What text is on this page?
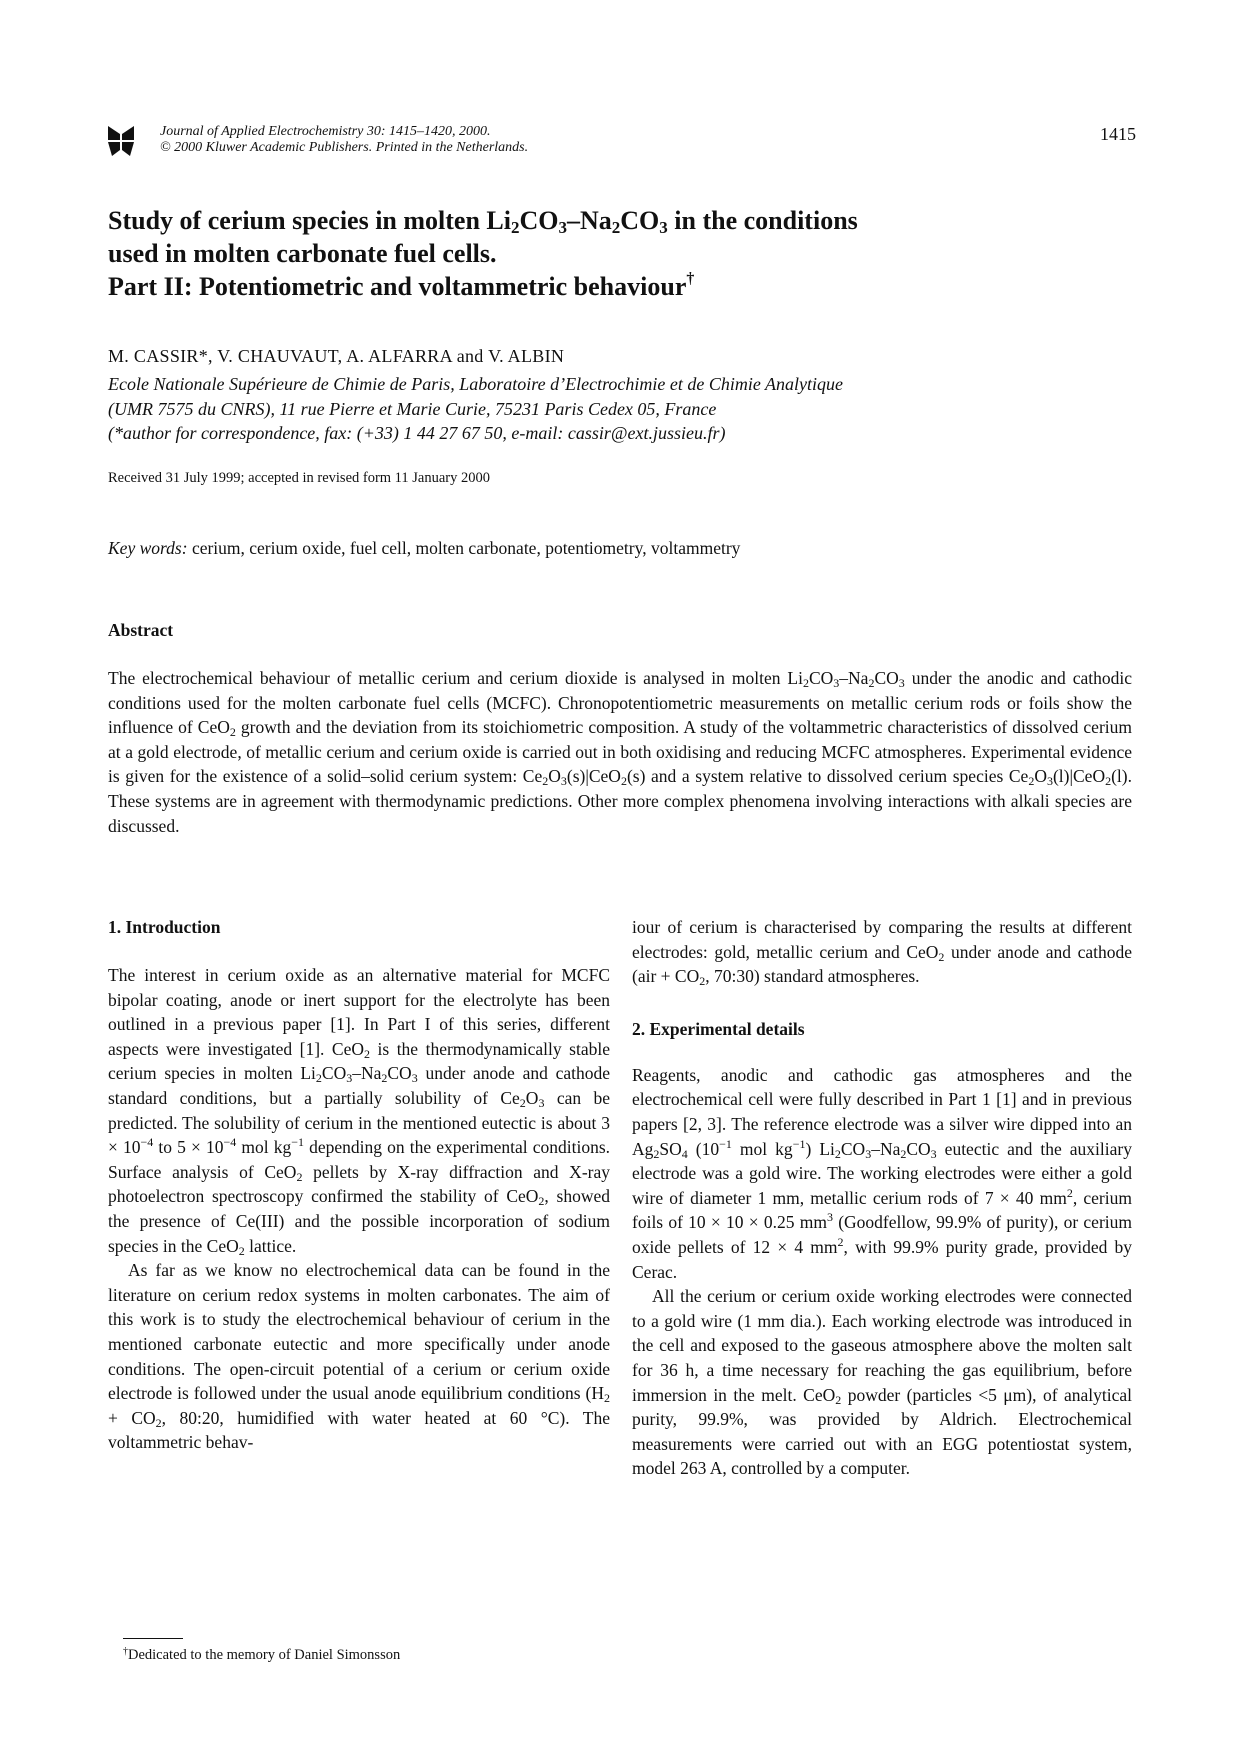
Journal of Applied Electrochemistry 30: 1415–1420, 2000.
© 2000 Kluwer Academic Publishers. Printed in the Netherlands.
1415
Study of cerium species in molten $Li_2CO_3-Na_2CO_3$ in the conditions
used in molten carbonate fuel cells.
Part II: Potentiometric and voltammetric behaviour†
M. CASSIR*, V. CHAUVAUT, A. ALFARRA and V. ALBIN
Ecole Nationale Supérieure de Chimie de Paris, Laboratoire d’Electrochimie et de Chimie Analytique
(UMR 7575 du CNRS), 11 rue Pierre et Marie Curie, 75231 Paris Cedex 05, France
(*author for correspondence, fax: (+33) 1 44 27 67 50, e-mail: cassir@ext.jussieu.fr)
Received 31 July 1999; accepted in revised form 11 January 2000
Key words: cerium, cerium oxide, fuel cell, molten carbonate, potentiometry, voltammetry
Abstract

The electrochemical behaviour of metallic cerium and cerium dioxide is analysed in molten $Li_2CO_3-Na_2CO_3$ under the anodic and cathodic conditions used for the molten carbonate fuel cells (MCFC). Chronopotentiometric measurements on metallic cerium rods or foils show the influence of CeO$_2$ growth and the deviation from its stoichiometric composition. A study of the voltammetric characteristics of dissolved cerium at a gold electrode, of metallic cerium and cerium oxide is carried out in both oxidising and reducing MCFC atmospheres. Experimental evidence is given for the existence of a solid–solid cerium system: $Ce_2O_3(s)|CeO_2(s)$ and a system relative to dissolved cerium species $Ce_2O_3(l)|CeO_2(l)$. These systems are in agreement with thermodynamic predictions. Other more complex phenomena involving interactions with alkali species are discussed.

1. Introduction

The interest in cerium oxide as an alternative material for MCFC bipolar coating, anode or inert support for the electrolyte has been outlined in a previous paper [1]. In Part I of this series, different aspects were investigated [1]. CeO$_2$ is the thermodynamically stable cerium species in molten $Li_2CO_3-Na_2CO_3$ under anode and cathode standard conditions, but a partially solubility of $Ce_2O_3$ can be predicted. The solubility of cerium in the mentioned eutectic is about $3 \times 10^{-4}$ to $5 \times 10^{-4}$ mol $kg^{-1}$ depending on the experimental conditions. Surface analysis of CeO$_2$ pellets by X-ray diffraction and X-ray photoelectron spectroscopy confirmed the stability of CeO$_2$, showed the presence of Ce(III) and the possible incorporation of sodium species in the CeO$_2$ lattice.

As far as we know no electrochemical data can be found in the literature on cerium redox systems in molten carbonates. The aim of this work is to study the electrochemical behaviour of cerium in the mentioned carbonate eutectic and more specifically under anode conditions. The open-circuit potential of a cerium or cerium oxide electrode is followed under the usual anode equilibrium conditions ($H_2 + CO_2$, 80:20, humidified with water heated at 60 °C). The voltammetric behav-

iour of cerium is characterised by comparing the results at different electrodes: gold, metallic cerium and CeO$_2$ under anode and cathode ($air + CO_2$, 70:30) standard atmospheres.

2. Experimental details

Reagents, anodic and cathodic gas atmospheres and the electrochemical cell were fully described in Part 1 [1] and in previous papers [2, 3]. The reference electrode was a silver wire dipped into an $Ag_2SO_4$ ($10^{-1}$ mol $kg^{-1}$) $Li_2CO_3-Na_2CO_3$ eutectic and the auxiliary electrode was a gold wire. The working electrodes were either a gold wire of diameter 1 mm, metallic cerium rods of 7 × 40 $mm^2$, cerium foils of 10 × 10 × 0.25 $mm^3$ (Goodfellow, 99.9% of purity), or cerium oxide pellets of 12 × 4 $mm^2$, with 99.9% purity grade, provided by Cerac.

All the cerium or cerium oxide working electrodes were connected to a gold wire (1 mm dia.). Each working electrode was introduced in the cell and exposed to the gaseous atmosphere above the molten salt for 36 h, a time necessary for reaching the gas equilibrium, before immersion in the melt. CeO$_2$ powder (particles <5 μm), of analytical purity, 99.9%, was provided by Aldrich. Electrochemical measurements were carried out with an EGG potentiostat system, model 263 A, controlled by a computer.

†Dedicated to the memory of Daniel Simonsson
